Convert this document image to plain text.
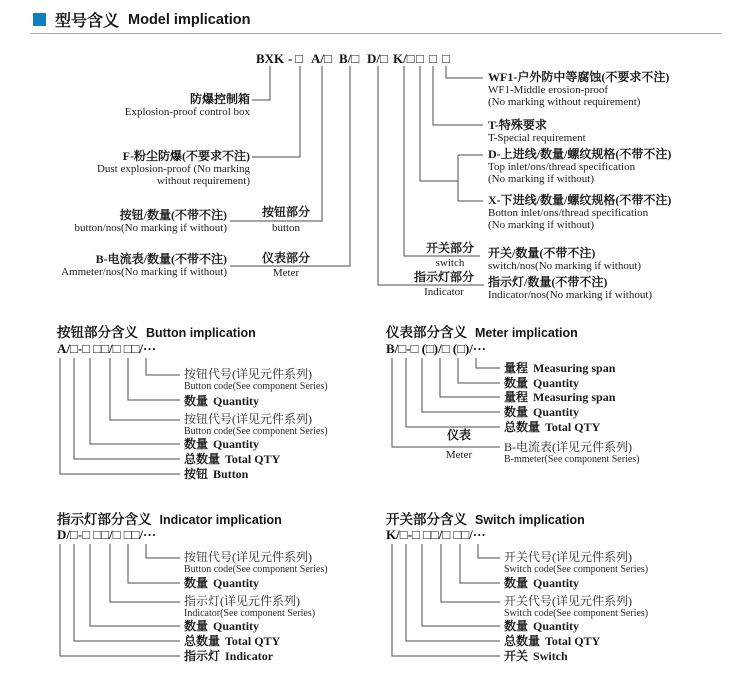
型号含义 Model implication
BXK - □ A/□ B/□ D/□ K/□ □ □ □
防爆控制箱
Explosion-proof control box
F-粉尘防爆(不要求不注)
Dust explosion-proof (No marking
without requirement)
按钮/数量(不带不注)
button/nos(No marking if without)
B-电流表/数量(不带不注)
Ammeter/nos(No marking if without)
按钮部分
button
仪表部分
Meter
开关部分
switch
指示灯部分
Indicator
WF1-户外防中等腐蚀(不要求不注)
WF1-Middle erosion-proof
(No marking without requirement)
T-特殊要求
T-Special requirement
D-上进线/数量/螺纹规格(不带不注)
Top inlet/ons/thread specification
(No marking if without)
X-下进线/数量/螺纹规格(不带不注)
Botton inlet/ons/thread specification
(No marking if without)
开关/数量(不带不注)
switch/nos(No marking if without)
指示灯/数量(不带不注)
Indicator/nos(No marking if without)
按钮部分含义 Button implication
A/□-□ □□/□ □□/···
按钮代号(详见元件系列)
Button code(See component Series)
数量 Quantity
按钮代号(详见元件系列)
Button code(See component Series)
数量 Quantity
总数量 Total QTY
按钮 Button
仪表部分含义 Meter implication
B/□-□ (□)/□ (□)/···
量程 Measuring span
数量 Quantity
量程 Measuring span
数量 Quantity
总数量 Total QTY
B-电流表(详见元件系列)
B-mmeter(See component Series)
仪表
Meter
指示灯部分含义 Indicator implication
D/□-□ □□/□ □□/···
按钮代号(详见元件系列)
Button code(See component Series)
数量 Quantity
指示灯(详见元件系列)
Indicator(See component Series)
数量 Quantity
总数量 Total QTY
指示灯 Indicator
开关部分含义 Switch implication
K/□-□ □□/□ □□/···
开关代号(详见元件系列)
Switch code(See component Series)
数量 Quantity
开关代号(详见元件系列)
Switch code(See component Series)
数量 Quantity
总数量 Total QTY
开关 Switch
